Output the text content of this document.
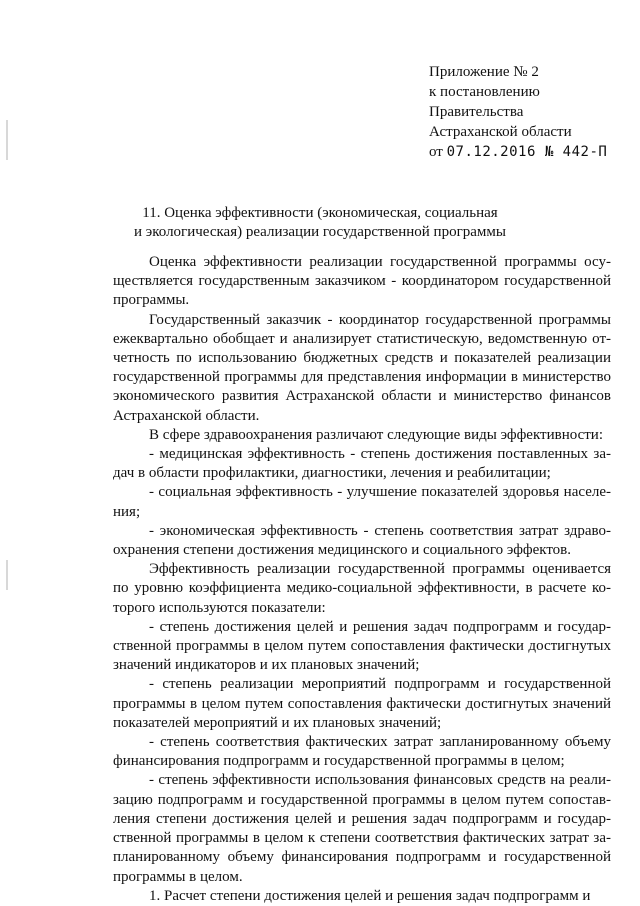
Приложение № 2
к постановлению
Правительства
Астраханской области
от 07.12.2016 № 442-П
11. Оценка эффективности (экономическая, социальная
и экологическая) реализации государственной программы

Оценка эффективности реализации государственной программы осуществляется государственным заказчиком - координатором государственной программы.

Государственный заказчик - координатор государственной программы ежеквартально обобщает и анализирует статистическую, ведомственную отчетность по использованию бюджетных средств и показателей реализации государственной программы для представления информации в министерство экономического развития Астраханской области и министерство финансов Астраханской области.

В сфере здравоохранения различают следующие виды эффективности:

- медицинская эффективность - степень достижения поставленных задач в области профилактики, диагностики, лечения и реабилитации;

- социальная эффективность - улучшение показателей здоровья населения;

- экономическая эффективность - степень соответствия затрат здравоохранения степени достижения медицинского и социального эффектов.

Эффективность реализации государственной программы оценивается по уровню коэффициента медико-социальной эффективности, в расчете которого используются показатели:

- степень достижения целей и решения задач подпрограмм и государственной программы в целом путем сопоставления фактически достигнутых значений индикаторов и их плановых значений;

- степень реализации мероприятий подпрограмм и государственной программы в целом путем сопоставления фактически достигнутых значений показателей мероприятий и их плановых значений;

- степень соответствия фактических затрат запланированному объему финансирования подпрограмм и государственной программы в целом;

- степень эффективности использования финансовых средств на реализацию подпрограмм и государственной программы в целом путем сопоставления степени достижения целей и решения задач подпрограмм и государственной программы в целом к степени соответствия фактических затрат запланированному объему финансирования подпрограмм и государственной программы в целом.

1. Расчет степени достижения целей и решения задач подпрограмм и
